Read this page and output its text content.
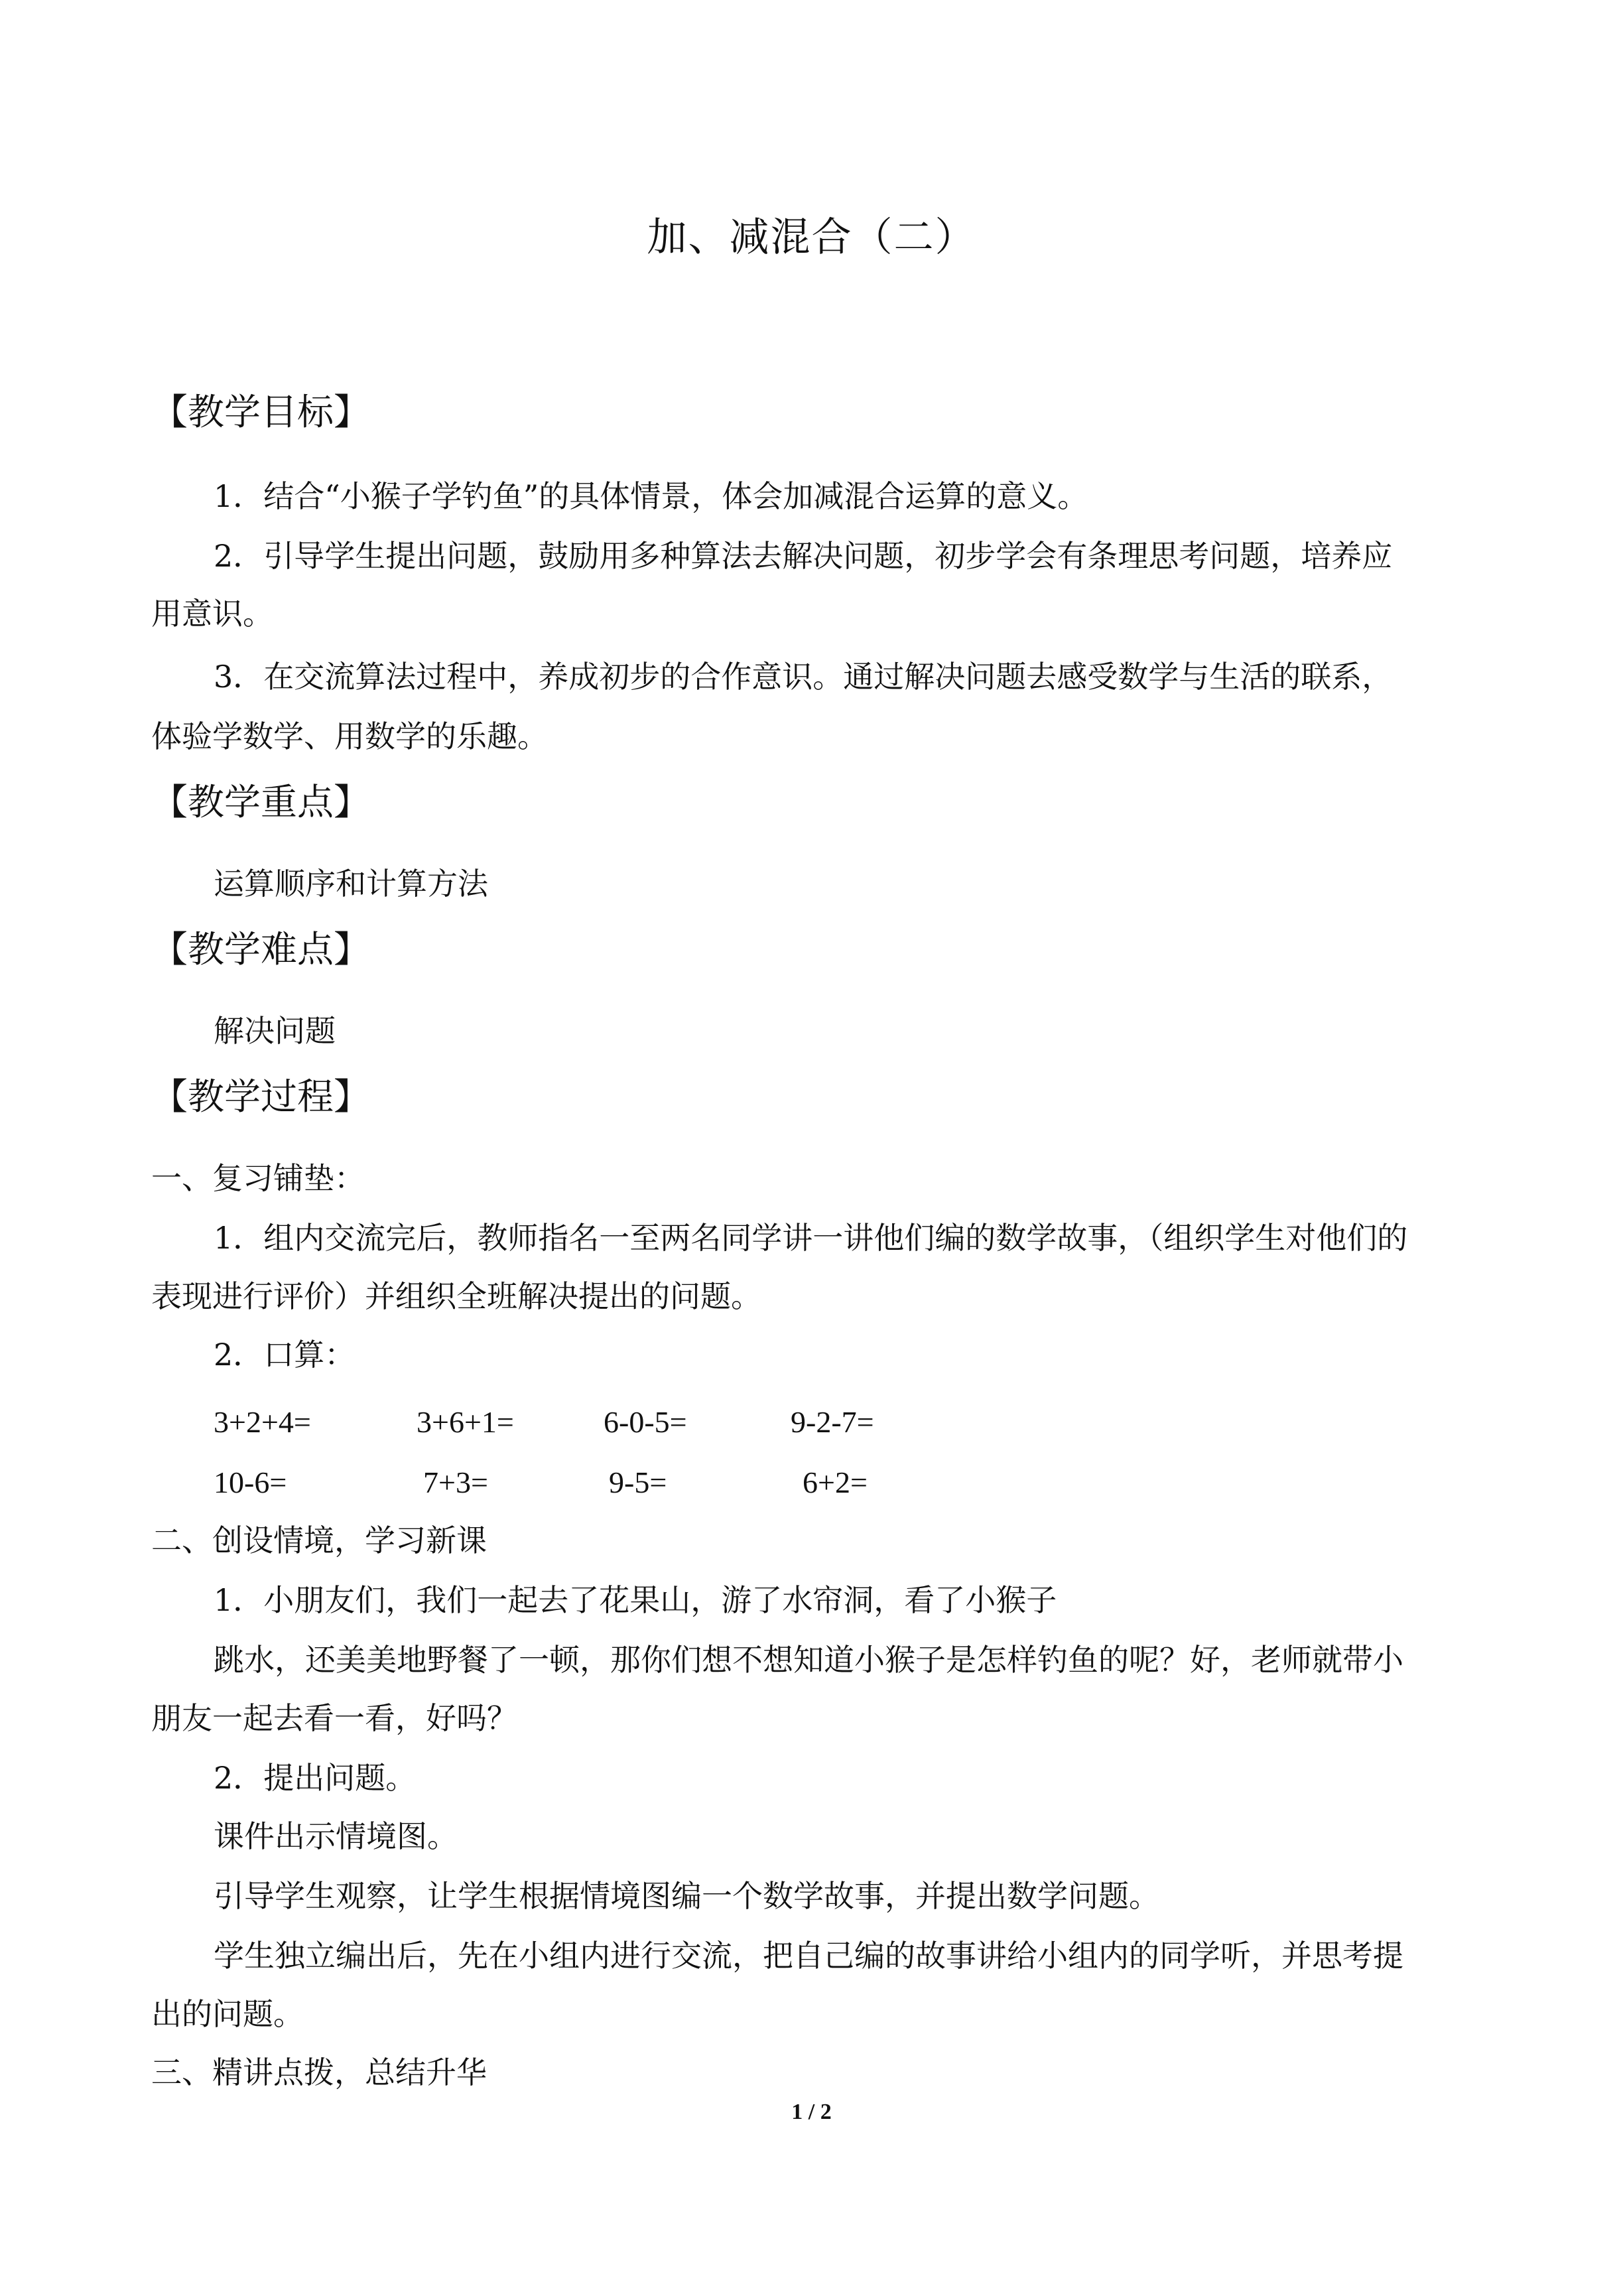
加、减混合（二）
【教学目标】
1．结合“小猴子学钓鱼”的具体情景，体会加减混合运算的意义。
2．引导学生提出问题，鼓励用多种算法去解决问题，初步学会有条理思考问题，培养应
用意识。
3．在交流算法过程中，养成初步的合作意识。通过解决问题去感受数学与生活的联系，
体验学数学、用数学的乐趣。
【教学重点】
运算顺序和计算方法
【教学难点】
解决问题
【教学过程】
一、复习铺垫：
1．组内交流完后，教师指名一至两名同学讲一讲他们编的数学故事，（组织学生对他们的
表现进行评价）并组织全班解决提出的问题。
2．口算：
3+2+4=	3+6+1=	6-0-5=	9-2-7=
10-6=	7+3=	9-5=	6+2=
二、创设情境，学习新课
1．小朋友们，我们一起去了花果山，游了水帘洞，看了小猴子
跳水，还美美地野餐了一顿，那你们想不想知道小猴子是怎样钓鱼的呢？好，老师就带小
朋友一起去看一看，好吗？
2．提出问题。
课件出示情境图。
引导学生观察，让学生根据情境图编一个数学故事，并提出数学问题。
学生独立编出后，先在小组内进行交流，把自己编的故事讲给小组内的同学听，并思考提
出的问题。
三、精讲点拨，总结升华
1 / 2
